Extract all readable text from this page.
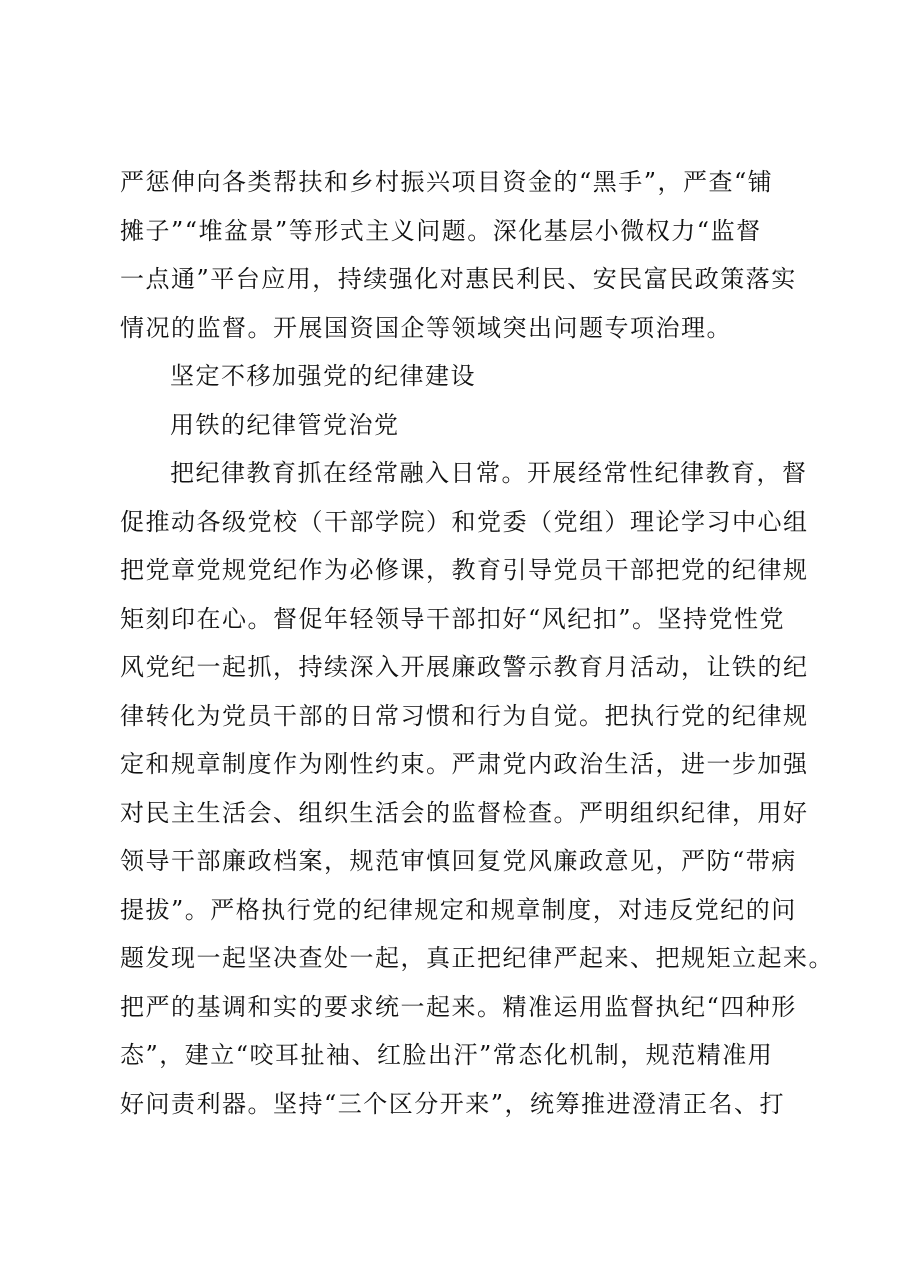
严惩伸向各类帮扶和乡村振兴项目资金的“黑手”，严查“铺
摊子”“堆盆景”等形式主义问题。深化基层小微权力“监督
一点通”平台应用，持续强化对惠民利民、安民富民政策落实
情况的监督。开展国资国企等领域突出问题专项治理。
坚定不移加强党的纪律建设
用铁的纪律管党治党
把纪律教育抓在经常融入日常。开展经常性纪律教育，督
促推动各级党校（干部学院）和党委（党组）理论学习中心组
把党章党规党纪作为必修课，教育引导党员干部把党的纪律规
矩刻印在心。督促年轻领导干部扣好“风纪扣”。坚持党性党
风党纪一起抓，持续深入开展廉政警示教育月活动，让铁的纪
律转化为党员干部的日常习惯和行为自觉。把执行党的纪律规
定和规章制度作为刚性约束。严肃党内政治生活，进一步加强
对民主生活会、组织生活会的监督检查。严明组织纪律，用好
领导干部廉政档案，规范审慎回复党风廉政意见，严防“带病
提拔”。严格执行党的纪律规定和规章制度，对违反党纪的问
题发现一起坚决查处一起，真正把纪律严起来、把规矩立起来。
把严的基调和实的要求统一起来。精准运用监督执纪“四种形
态”，建立“咬耳扯袖、红脸出汗”常态化机制，规范精准用
好问责利器。坚持“三个区分开来”，统筹推进澄清正名、打
